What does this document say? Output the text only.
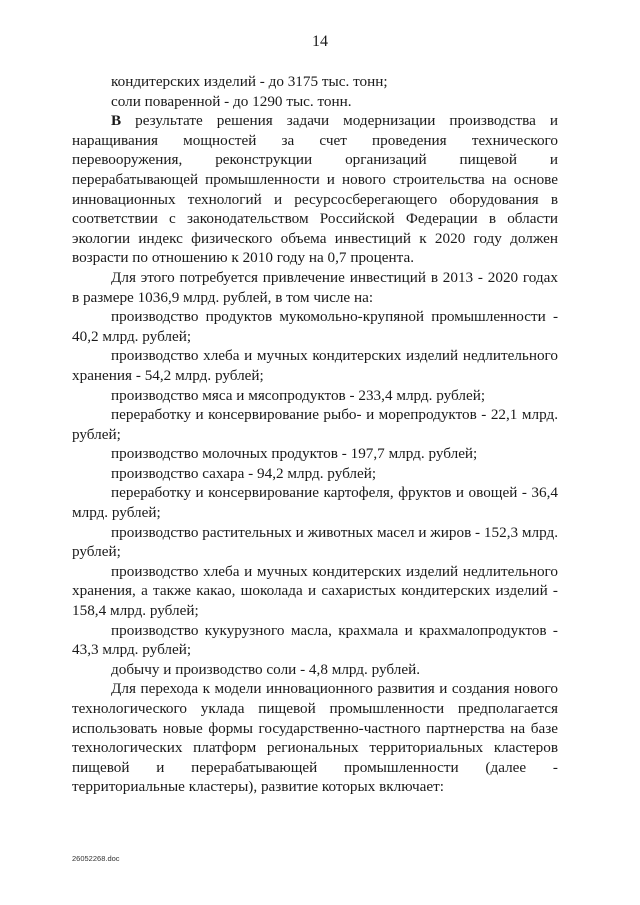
14

кондитерских изделий - до 3175 тыс. тонн;

соли поваренной - до 1290 тыс. тонн.

В результате решения задачи модернизации производства и наращивания мощностей за счет проведения технического перевооружения, реконструкции организаций пищевой и перерабатывающей промышленности и нового строительства на основе инновационных технологий и ресурсосберегающего оборудования в соответствии с законодательством Российской Федерации в области экологии индекс физического объема инвестиций к 2020 году должен возрасти по отношению к 2010 году на 0,7 процента.

Для этого потребуется привлечение инвестиций в 2013 - 2020 годах в размере 1036,9 млрд. рублей, в том числе на:

производство продуктов мукомольно-крупяной промышленности - 40,2 млрд. рублей;

производство хлеба и мучных кондитерских изделий недлительного хранения - 54,2 млрд. рублей;

производство мяса и мясопродуктов - 233,4 млрд. рублей;

переработку и консервирование рыбо- и морепродуктов - 22,1 млрд. рублей;

производство молочных продуктов - 197,7 млрд. рублей;

производство сахара - 94,2 млрд. рублей;

переработку и консервирование картофеля, фруктов и овощей - 36,4 млрд. рублей;

производство растительных и животных масел и жиров - 152,3 млрд. рублей;

производство хлеба и мучных кондитерских изделий недлительного хранения, а также какао, шоколада и сахаристых кондитерских изделий - 158,4 млрд. рублей;

производство кукурузного масла, крахмала и крахмалопродуктов - 43,3 млрд. рублей;

добычу и производство соли - 4,8 млрд. рублей.

Для перехода к модели инновационного развития и создания нового технологического уклада пищевой промышленности предполагается использовать новые формы государственно-частного партнерства на базе технологических платформ региональных территориальных кластеров пищевой и перерабатывающей промышленности (далее - территориальные кластеры), развитие которых включает:

26052268.doc
